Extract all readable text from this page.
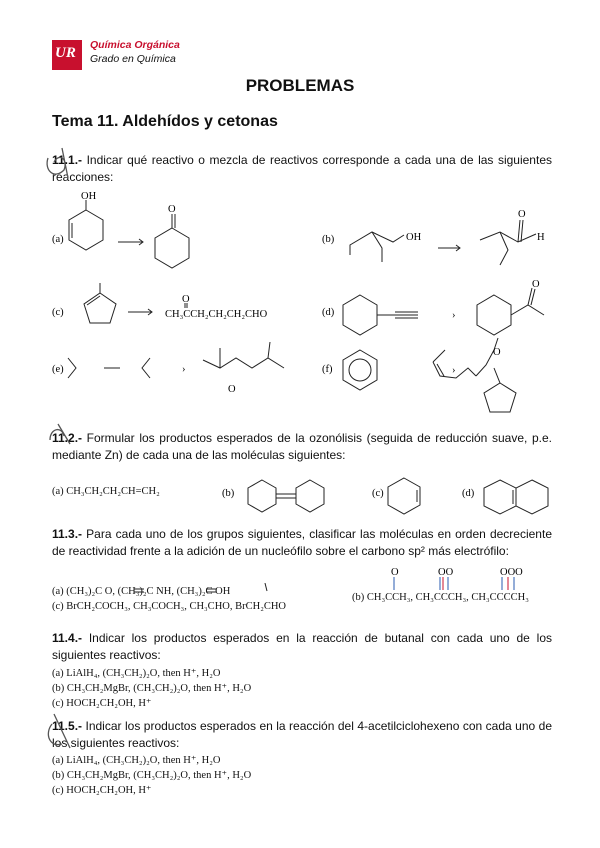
UR Química Orgánica
Grado en Química
PROBLEMAS
Tema 11. Aldehídos y cetonas
11.1.- Indicar qué reactivo o mezcla de reactivos corresponde a cada una de las siguientes reacciones:
(a)
OH
O
(b)	OH
O
H
(c)
O
CH₃CCH₂CH₂CH₂CHO	(d)	›
O
(e)	›
O
(f)	›
O
11.2.- Formular los productos esperados de la ozonólisis (seguida de reducción suave, p.e. mediante Zn) de cada una de las moléculas siguientes:
(a) CH₃CH₂CH₂CH=CH₂	(b)	(c)	(d)
11.3.- Para cada uno de los grupos siguientes, clasificar las moléculas en orden decreciente de reactividad frente a la adición de un nucleófilo sobre el carbono sp² más electrófilo:
(a) (CH₃)₂C O, (CH₃)₂C NH, (CH₃)₂C OH
(c) BrCH₂COCH₃, CH₃COCH₃, CH₃CHO, BrCH₂CHO
(b) CH₃CCH₃, CH₃CCCH₃, CH₃CCCCH₃
O	OO	OOO
11.4.- Indicar los productos esperados en la reacción de butanal con cada uno de los siguientes reactivos:
(a) LiAlH₄, (CH₃CH₂)₂O, then H⁺, H₂O
(b) CH₃CH₂MgBr, (CH₃CH₂)₂O, then H⁺, H₂O
(c) HOCH₂CH₂OH, H⁺
11.5.- Indicar los productos esperados en la reacción del 4-acetilciclohexeno con cada uno de los siguientes reactivos:
(a) LiAlH₄, (CH₃CH₂)₂O, then H⁺, H₂O
(b) CH₃CH₂MgBr, (CH₃CH₂)₂O, then H⁺, H₂O
(c) HOCH₂CH₂OH, H⁺
